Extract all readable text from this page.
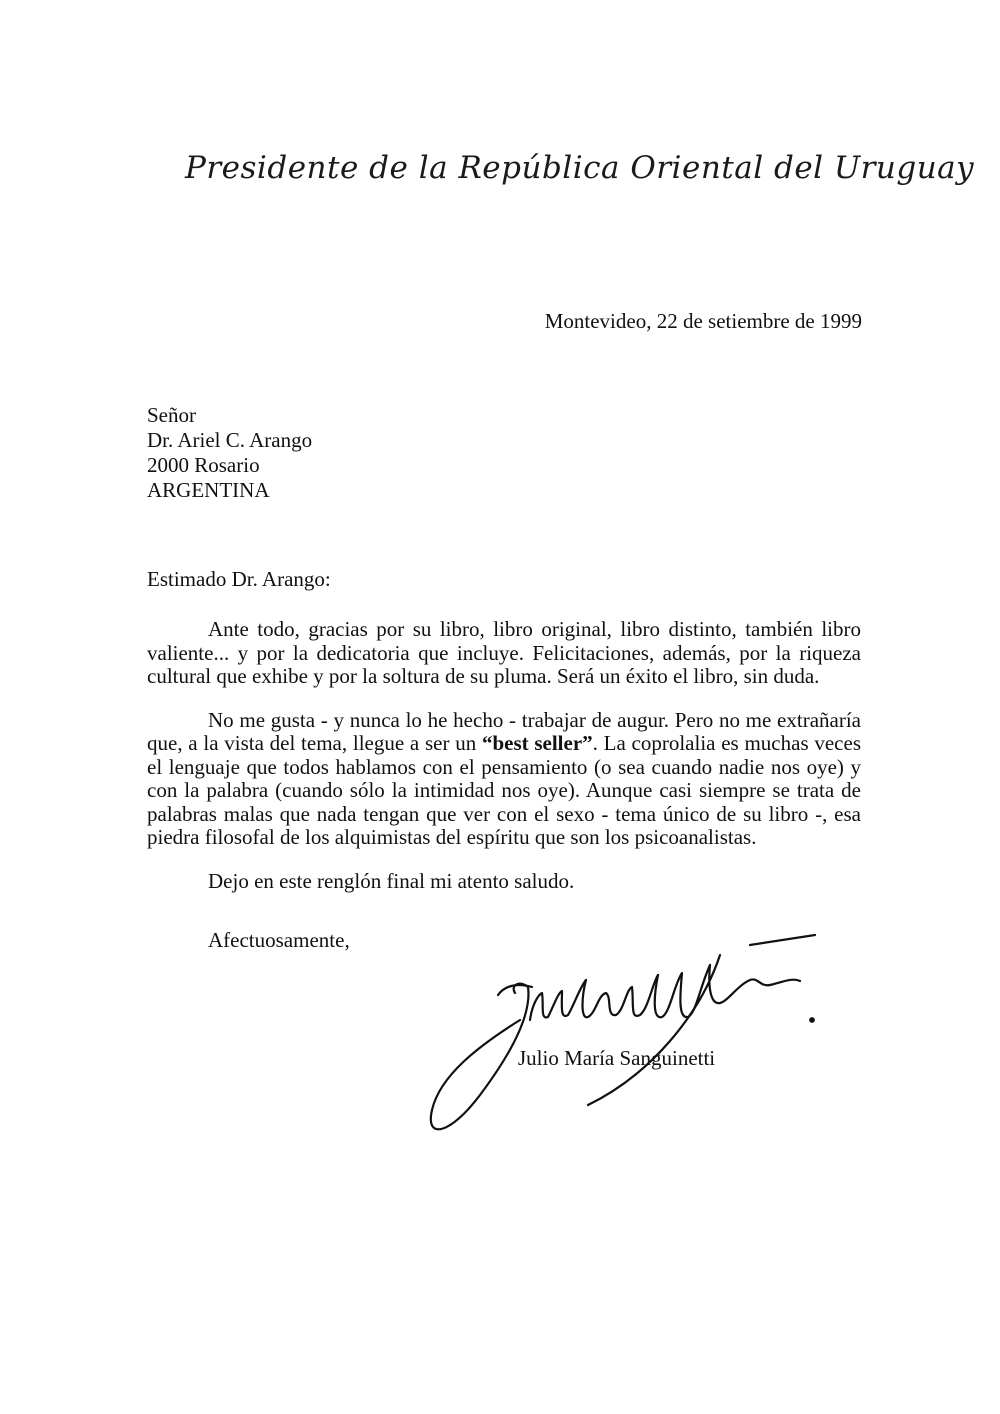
Presidente de la República Oriental del Uruguay
Montevideo, 22 de setiembre de 1999
Señor
Dr. Ariel C. Arango
2000 Rosario
ARGENTINA
Estimado Dr. Arango:

Ante todo, gracias por su libro, libro original, libro distinto, también libro valiente... y por la dedicatoria que incluye. Felicitaciones, además, por la riqueza cultural que exhibe y por la soltura de su pluma. Será un éxito el libro, sin duda.

No me gusta - y nunca lo he hecho - trabajar de augur. Pero no me extrañaría que, a la vista del tema, llegue a ser un “best seller”. La coprolalia es muchas veces el lenguaje que todos hablamos con el pensamiento (o sea cuando nadie nos oye) y con la palabra (cuando sólo la intimidad nos oye). Aunque casi siempre se trata de palabras malas que nada tengan que ver con el sexo - tema único de su libro -, esa piedra filosofal de los alquimistas del espíritu que son los psicoanalistas.

Dejo en este renglón final mi atento saludo.

Afectuosamente,
Julio María Sanguinetti
